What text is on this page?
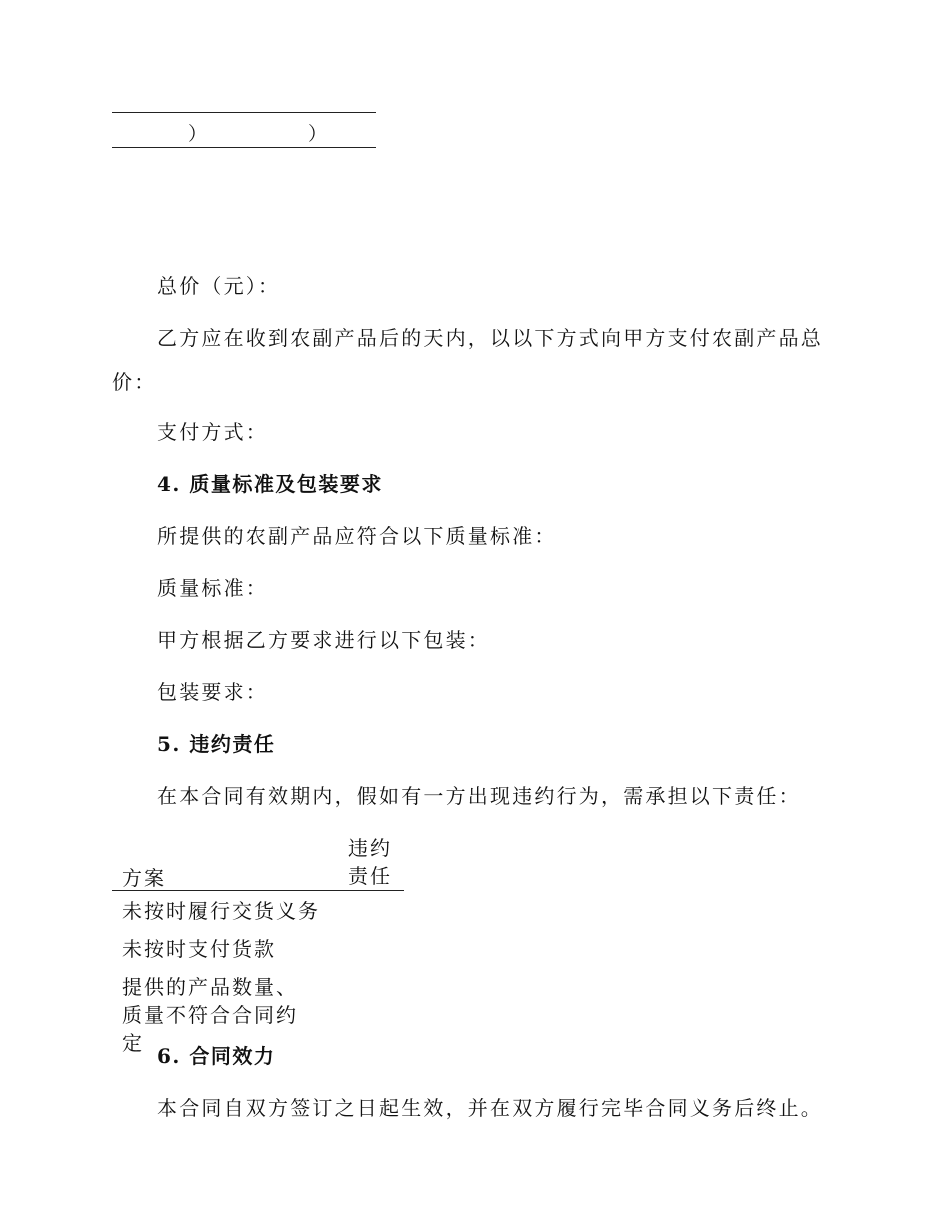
）	）
总价（元）：
乙方应在收到农副产品后的天内，以以下方式向甲方支付农副产品总
价：
支付方式：
4. 质量标准及包装要求
所提供的农副产品应符合以下质量标准：
质量标准：
甲方根据乙方要求进行以下包装：
包装要求：
5. 违约责任
在本合同有效期内，假如有一方出现违约行为，需承担以下责任：
方案
违约责任
未按时履行交货义务
未按时支付货款
提供的产品数量、质量不符合合同约定
6. 合同效力
本合同自双方签订之日起生效，并在双方履行完毕合同义务后终止。
